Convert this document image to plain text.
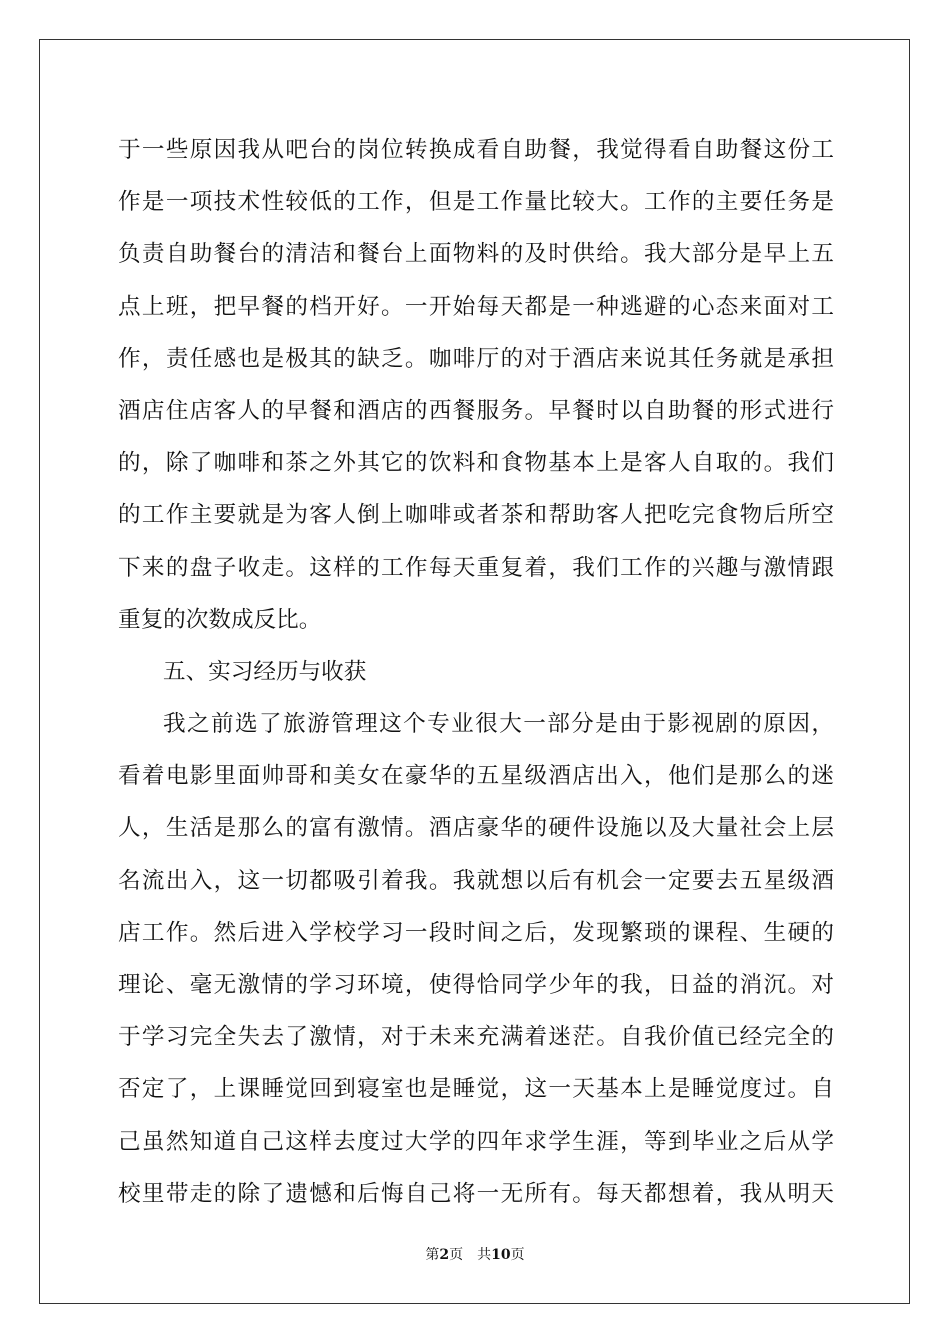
于一些原因我从吧台的岗位转换成看自助餐，我觉得看自助餐这份工
作是一项技术性较低的工作，但是工作量比较大。工作的主要任务是
负责自助餐台的清洁和餐台上面物料的及时供给。我大部分是早上五
点上班，把早餐的档开好。一开始每天都是一种逃避的心态来面对工
作，责任感也是极其的缺乏。咖啡厅的对于酒店来说其任务就是承担
酒店住店客人的早餐和酒店的西餐服务。早餐时以自助餐的形式进行
的，除了咖啡和茶之外其它的饮料和食物基本上是客人自取的。我们
的工作主要就是为客人倒上咖啡或者茶和帮助客人把吃完食物后所空
下来的盘子收走。这样的工作每天重复着，我们工作的兴趣与激情跟
重复的次数成反比。
五、实习经历与收获
我之前选了旅游管理这个专业很大一部分是由于影视剧的原因，
看着电影里面帅哥和美女在豪华的五星级酒店出入，他们是那么的迷
人，生活是那么的富有激情。酒店豪华的硬件设施以及大量社会上层
名流出入，这一切都吸引着我。我就想以后有机会一定要去五星级酒
店工作。然后进入学校学习一段时间之后，发现繁琐的课程、生硬的
理论、毫无激情的学习环境，使得恰同学少年的我，日益的消沉。对
于学习完全失去了激情，对于未来充满着迷茫。自我价值已经完全的
否定了，上课睡觉回到寝室也是睡觉，这一天基本上是睡觉度过。自
己虽然知道自己这样去度过大学的四年求学生涯，等到毕业之后从学
校里带走的除了遗憾和后悔自己将一无所有。每天都想着，我从明天
第2页　共10页
